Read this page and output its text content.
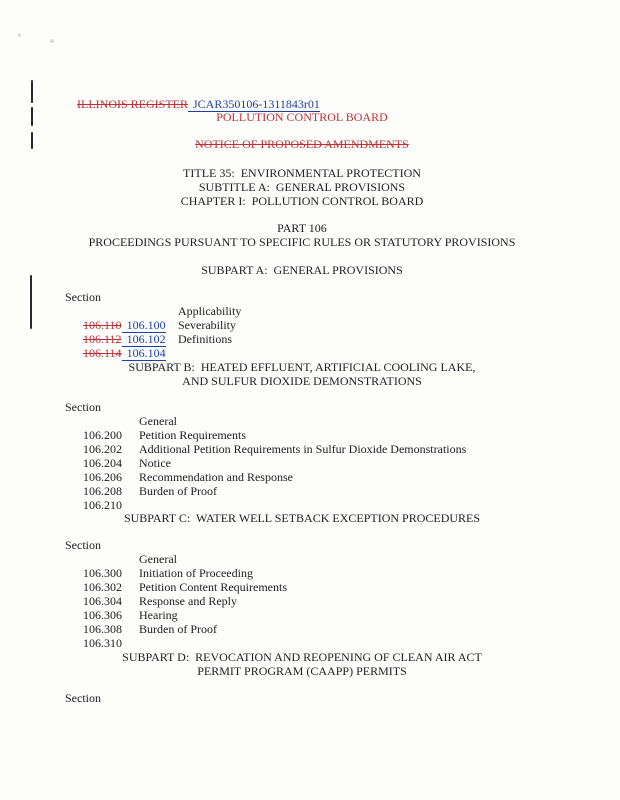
ILLINOIS REGISTER JCAR350106-1311843r01

POLLUTION CONTROL BOARD
NOTICE OF PROPOSED AMENDMENTS
TITLE 35:  ENVIRONMENTAL PROTECTION
SUBTITLE A:  GENERAL PROVISIONS
CHAPTER I:  POLLUTION CONTROL BOARD
PART 106
PROCEEDINGS PURSUANT TO SPECIFIC RULES OR STATUTORY PROVISIONS
SUBPART A:  GENERAL PROVISIONS
Section

106.110 106.100

Applicability

106.112 106.102

Severability

106.114 106.104

Definitions

SUBPART B:  HEATED EFFLUENT, ARTIFICIAL COOLING LAKE,
AND SULFUR DIOXIDE DEMONSTRATIONS
Section

106.200

General

106.202

Petition Requirements

106.204

Additional Petition Requirements in Sulfur Dioxide Demonstrations

106.206

Notice

106.208

Recommendation and Response

106.210

Burden of Proof

SUBPART C:  WATER WELL SETBACK EXCEPTION PROCEDURES
Section

106.300

General

106.302

Initiation of Proceeding

106.304

Petition Content Requirements

106.306

Response and Reply

106.308

Hearing

106.310

Burden of Proof

SUBPART D:  REVOCATION AND REOPENING OF CLEAN AIR ACT
PERMIT PROGRAM (CAAPP) PERMITS
Section
